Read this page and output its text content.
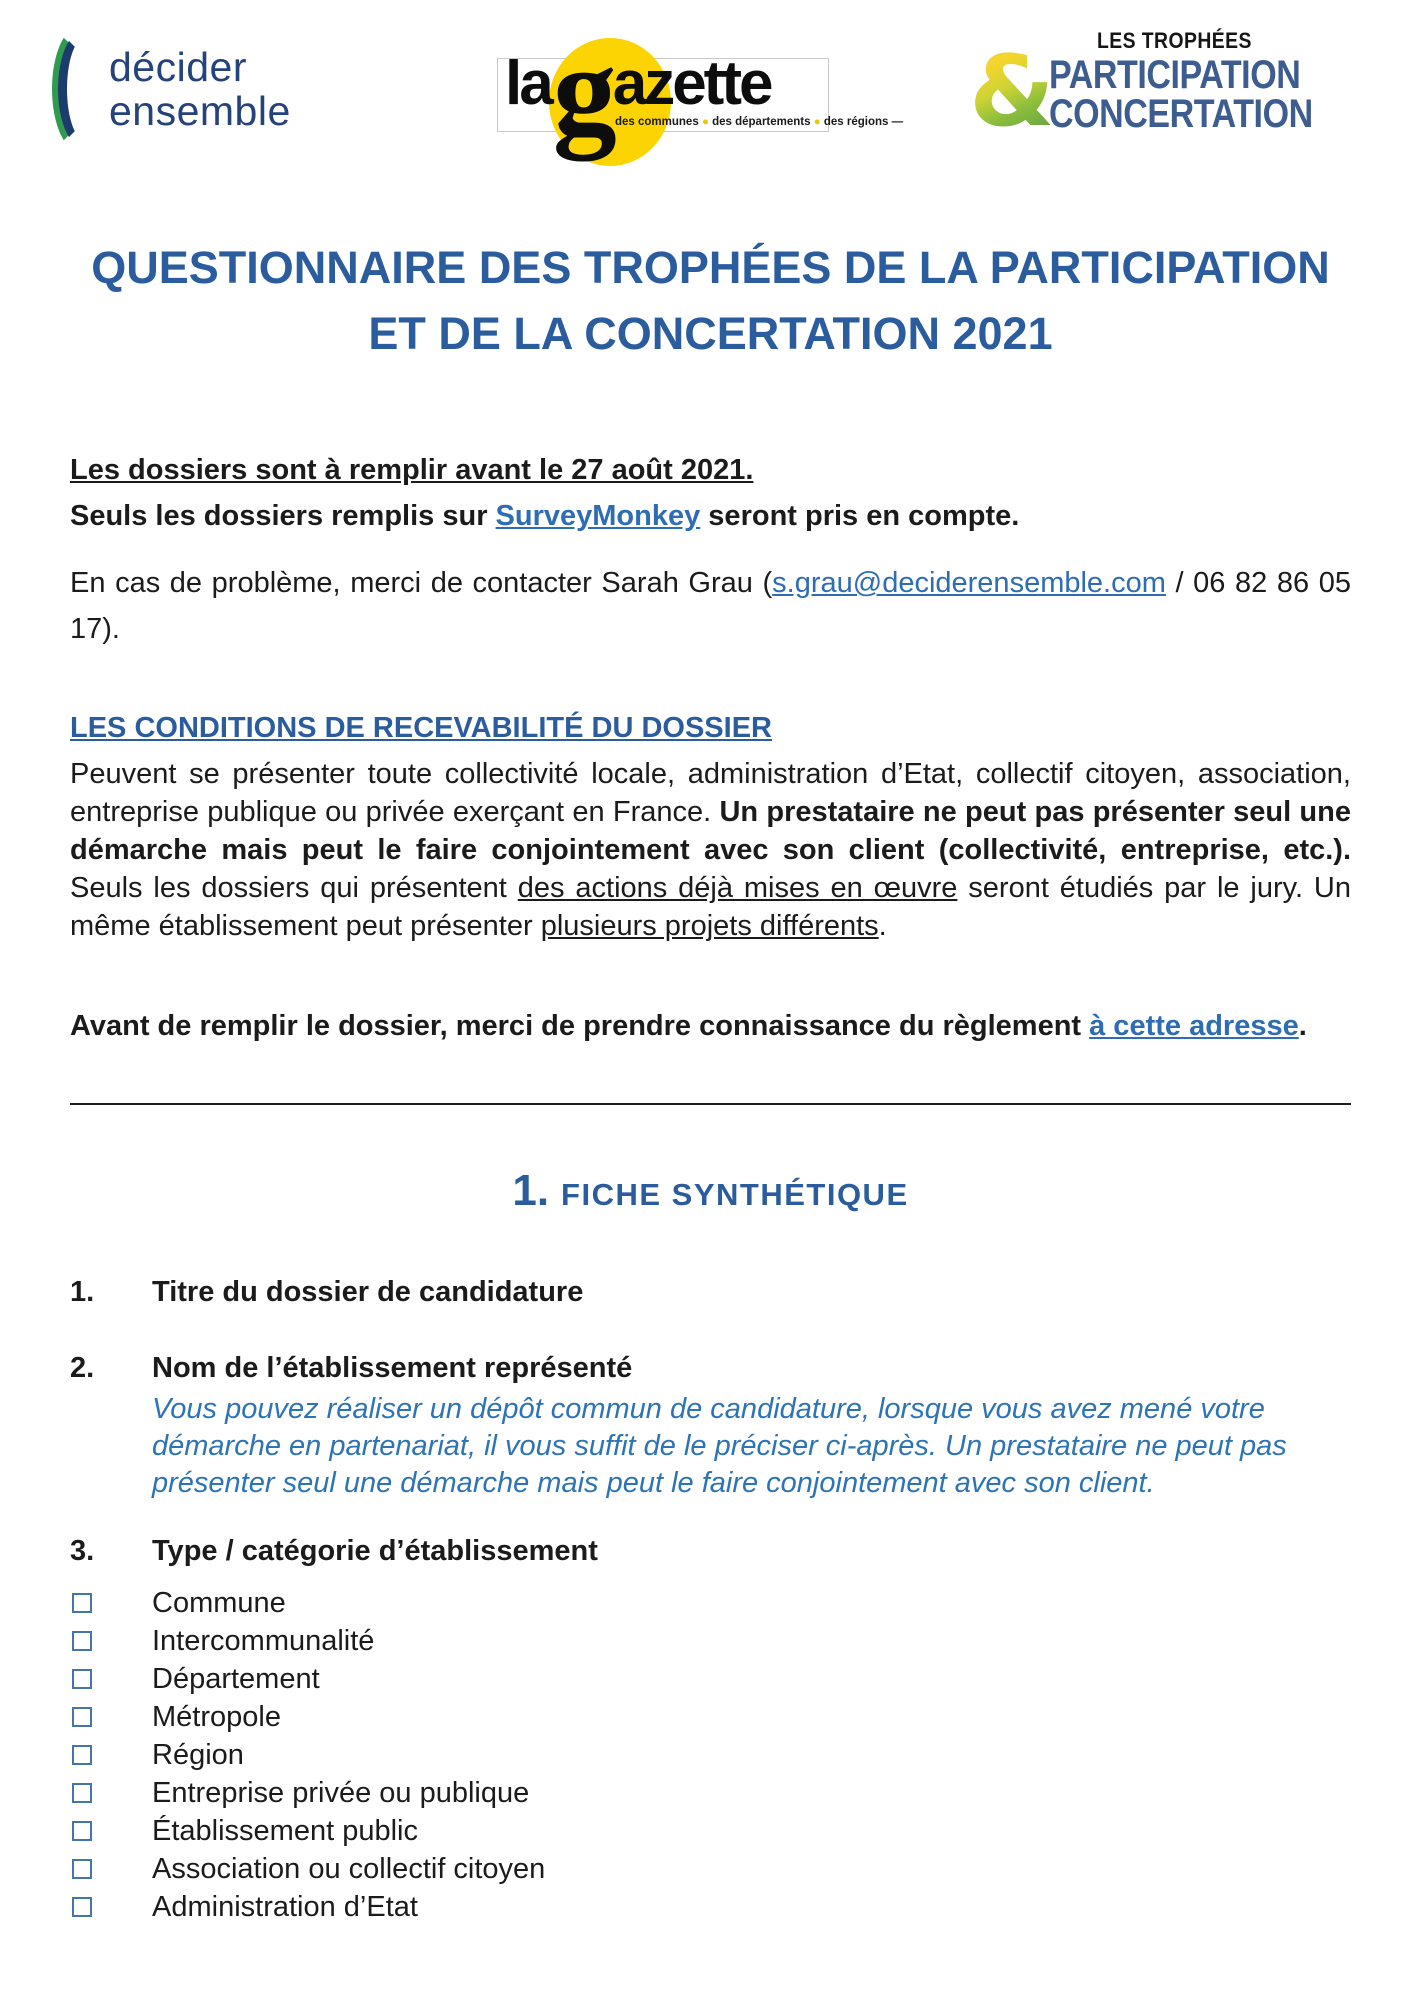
décider
ensemble	la g
azette
des communes ● des départements ● des régions — & LES TROPHÉES
PARTICIPATION
CONCERTATION
QUESTIONNAIRE DES TROPHÉES DE LA PARTICIPATION
ET DE LA CONCERTATION 2021
Les dossiers sont à remplir avant le 27 août 2021.
Seuls les dossiers remplis sur SurveyMonkey seront pris en compte.
En cas de problème, merci de contacter Sarah Grau (s.grau@deciderensemble.com / 06 82 86 05 17).
LES CONDITIONS DE RECEVABILITÉ DU DOSSIER
Peuvent se présenter toute collectivité locale, administration d’Etat, collectif citoyen, association, entreprise publique ou privée exerçant en France. Un prestataire ne peut pas présenter seul une démarche mais peut le faire conjointement avec son client (collectivité, entreprise, etc.). Seuls les dossiers qui présentent des actions déjà mises en œuvre seront étudiés par le jury. Un même établissement peut présenter plusieurs projets différents.
Avant de remplir le dossier, merci de prendre connaissance du règlement à cette adresse.
1. FICHE SYNTHÉTIQUE
1.	Titre du dossier de candidature
2.	Nom de l’établissement représenté
Vous pouvez réaliser un dépôt commun de candidature, lorsque vous avez mené votre démarche en partenariat, il vous suffit de le préciser ci-après. Un prestataire ne peut pas présenter seul une démarche mais peut le faire conjointement avec son client.
3.	Type / catégorie d’établissement
Commune
Intercommunalité
Département
Métropole
Région
Entreprise privée ou publique
Établissement public
Association ou collectif citoyen
Administration d’Etat
